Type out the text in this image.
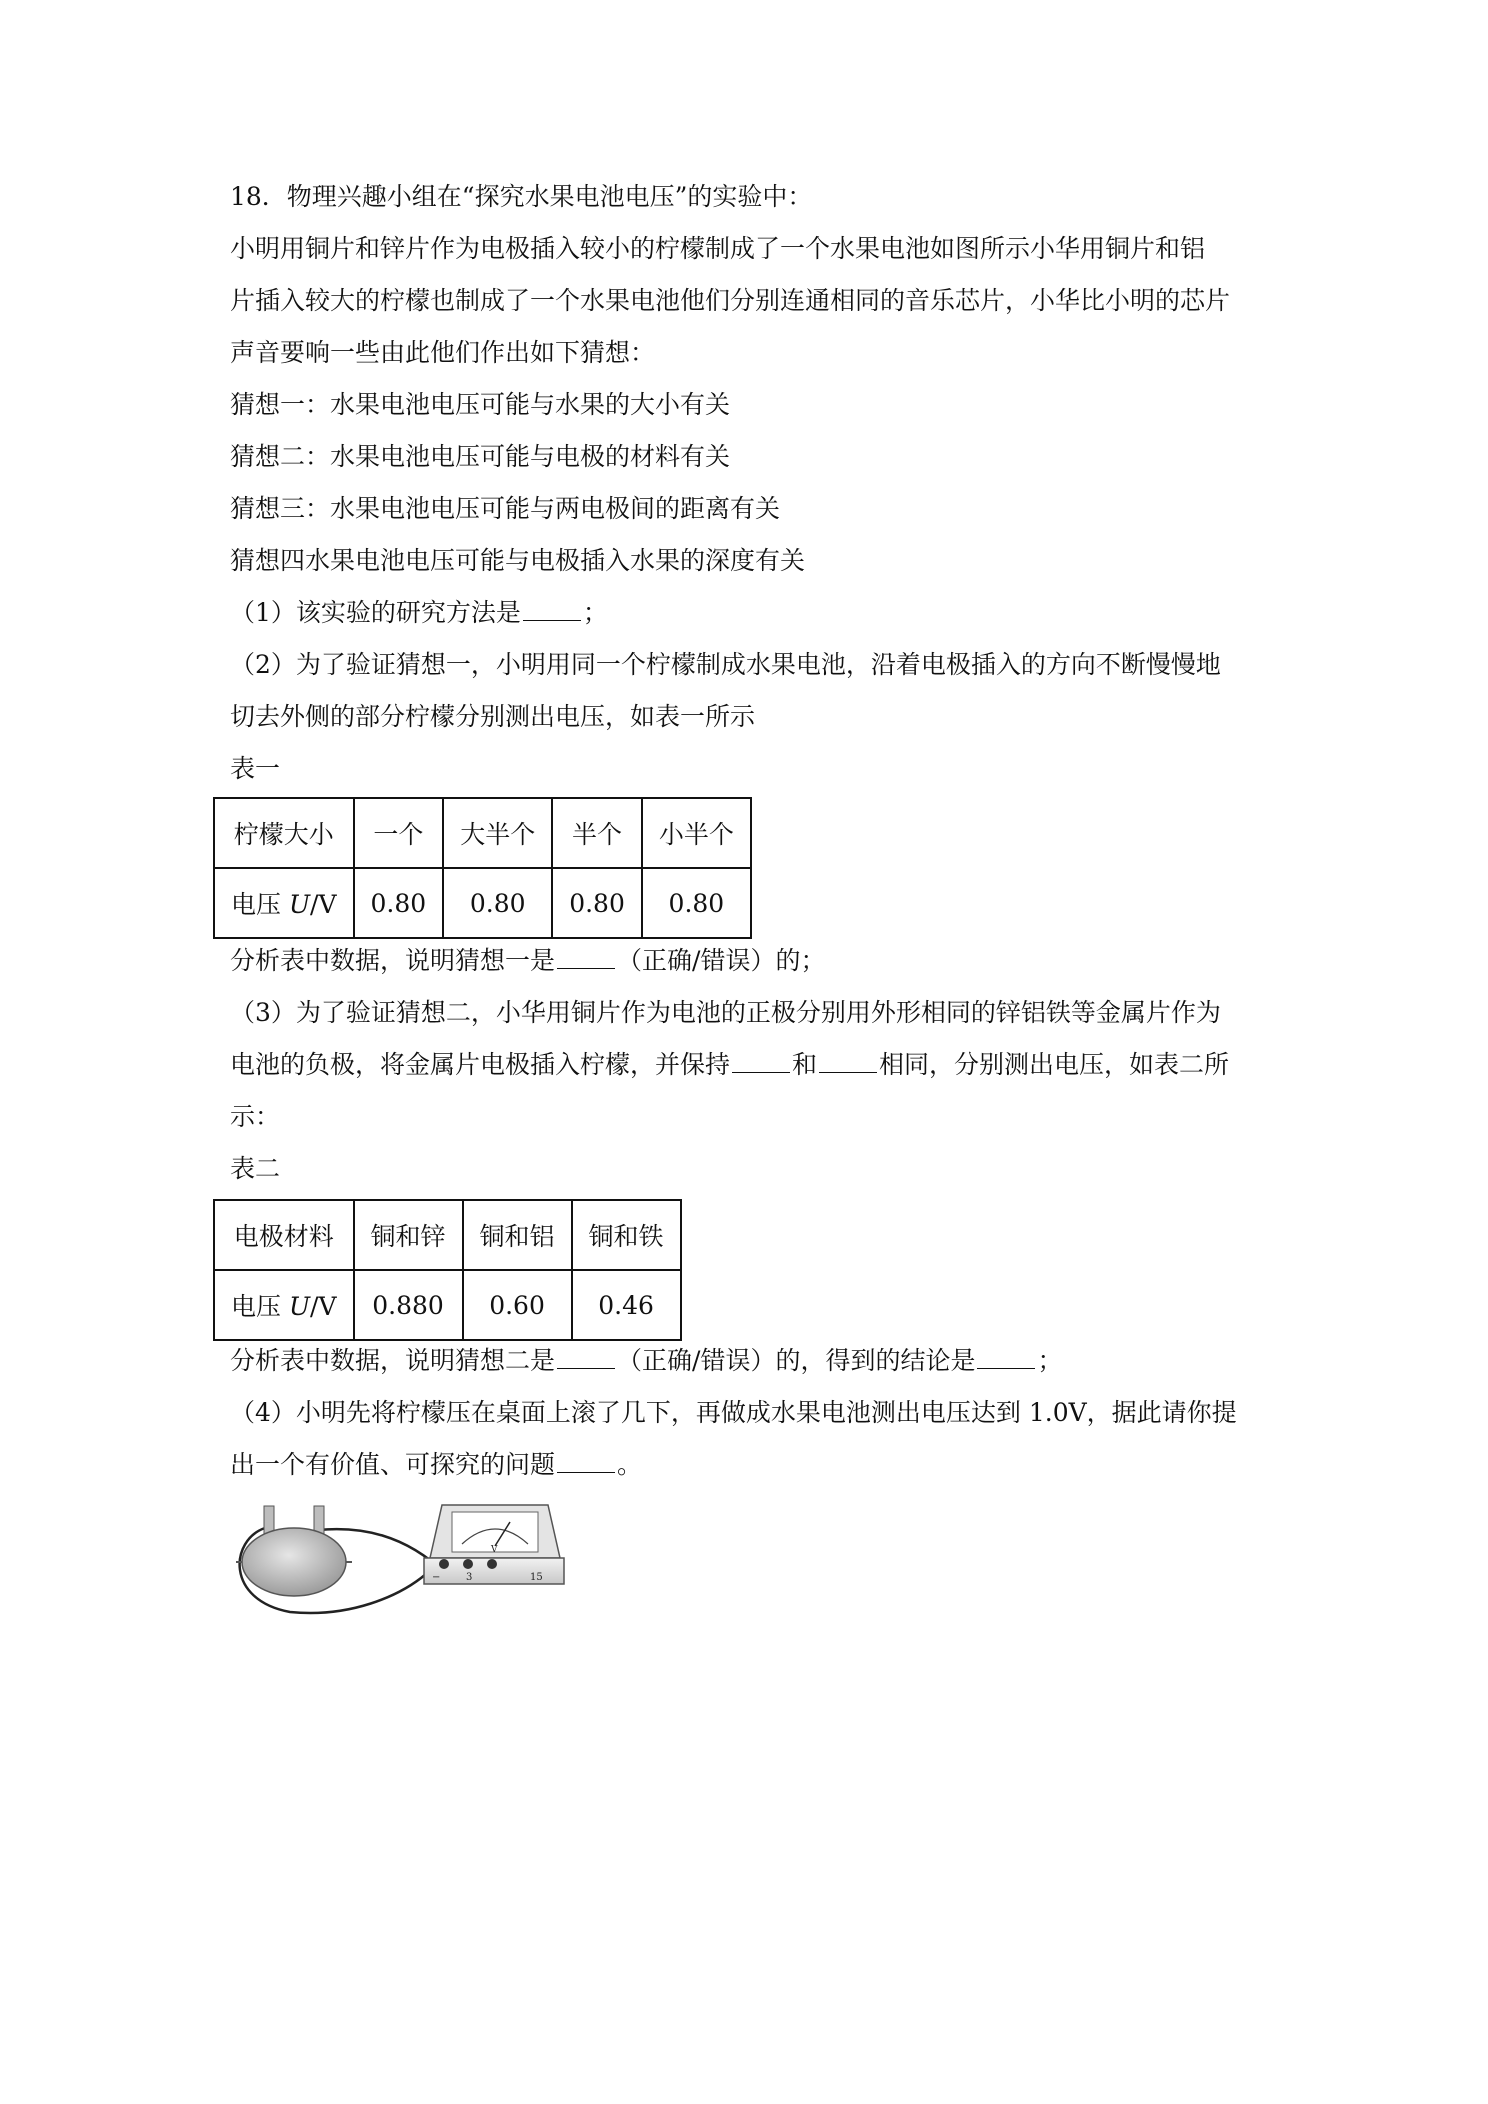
18．物理兴趣小组在“探究水果电池电压”的实验中：
小明用铜片和锌片作为电极插入较小的柠檬制成了一个水果电池如图所示小华用铜片和铝
片插入较大的柠檬也制成了一个水果电池他们分别连通相同的音乐芯片，小华比小明的芯片
声音要响一些由此他们作出如下猜想：
猜想一：水果电池电压可能与水果的大小有关
猜想二：水果电池电压可能与电极的材料有关
猜想三：水果电池电压可能与两电极间的距离有关
猜想四水果电池电压可能与电极插入水果的深度有关
（1）该实验的研究方法是 ；
（2）为了验证猜想一，小明用同一个柠檬制成水果电池，沿着电极插入的方向不断慢慢地
切去外侧的部分柠檬分别测出电压，如表一所示
表一
柠檬大小	一个	大半个	半个	小半个
电压 U/V	0.80	0.80	0.80	0.80
分析表中数据，说明猜想一是 （正确/错误）的；
（3）为了验证猜想二，小华用铜片作为电池的正极分别用外形相同的锌铝铁等金属片作为
电池的负极，将金属片电极插入柠檬，并保持 和 相同，分别测出电压，如表二所
示：
表二
电极材料	铜和锌	铜和铝	铜和铁
电压 U/V	0.880	0.60	0.46
分析表中数据，说明猜想二是 （正确/错误）的，得到的结论是 ；
（4）小明先将柠檬压在桌面上滚了几下，再做成水果电池测出电压达到 1.0V，据此请你提
出一个有价值、可探究的问题 。
V
−	3	15
